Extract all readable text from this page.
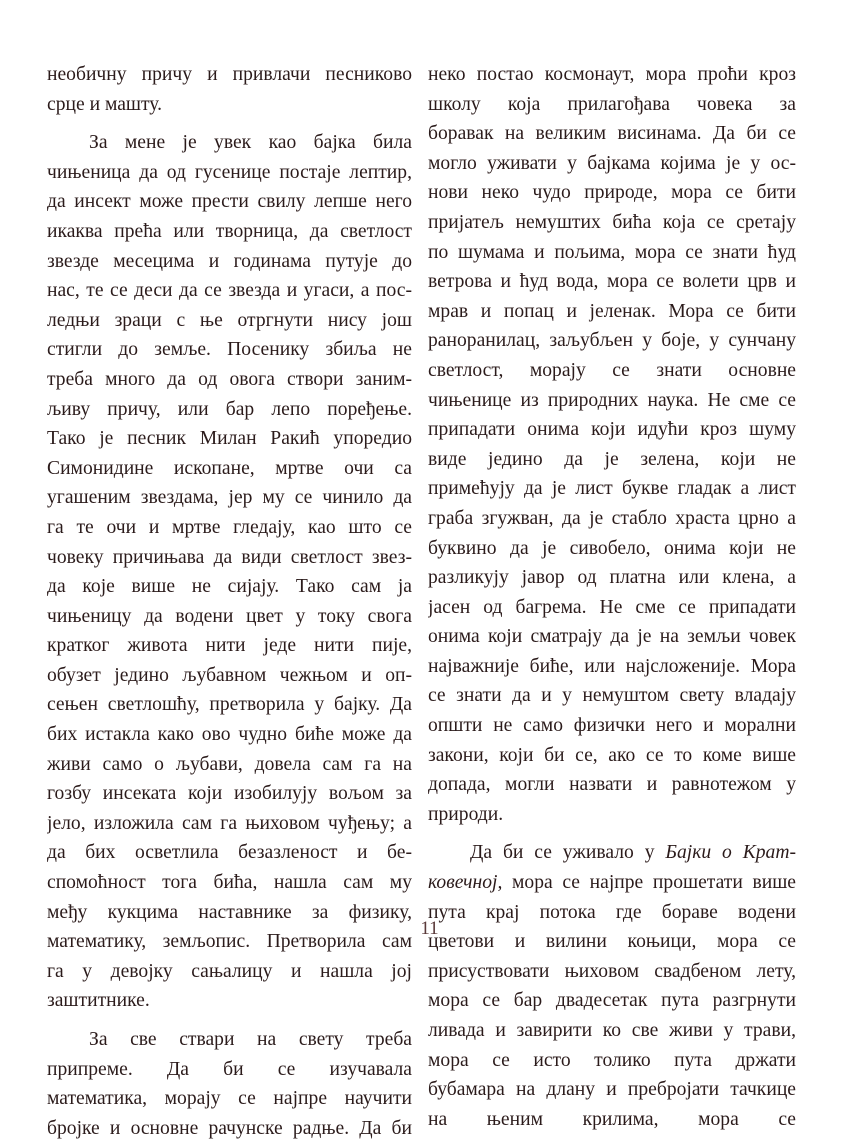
необичну причу и привлачи песниково
срце и машту.
За мене је увек као бајка била
чињеница да од гусенице постаје лептир,
да инсект може прести свилу лепше него
икаква прећа или творница, да светлост
звезде месецима и годинама путује до
нас, те се деси да се звезда и угаси, а пос-
ледњи зраци с ње отргнути нису још
стигли до земље. Посенику збиља не
треба много да од овога створи заним-
љиву причу, или бар лепо поређење.
Тако је песник Милан Ракић упоредио
Симонидине ископане, мртве очи са
угашеним звездама, јер му се чинило да
га те очи и мртве гледају, као што се
човеку причињава да види светлост звез-
да које више не сијају. Тако сам ја
чињеницу да водени цвет у току свога
кратког живота нити једе нити пије,
обузет једино љубавном чежњом и оп-
сењен светлошћу, претворила у бајку. Да
бих истакла како ово чудно биће може да
живи само о љубави, довела сам га на
гозбу инсеката који изобилују вољом за
јело, изложила сам га њиховом чуђењу; а
да бих осветлила безазленост и бе-
спомоћност тога бића, нашла сам му
међу кукцима наставнике за физику,
математику, земљопис. Претворила сам
га у девојку сањалицу и нашла јој
заштитнике.
За све ствари на свету треба
припреме. Да би се изучавала
математика, морају се најпре научити
бројке и основне рачунске радње. Да би
неко постао космонаут, мора проћи кроз
школу која прилагођава човека за
боравак на великим висинама. Да би се
могло уживати у бајкама којима је у ос-
нови неко чудо природе, мора се бити
пријатељ немуштих бића која се сретају
по шумама и пољима, мора се знати ћуд
ветрова и ћуд вода, мора се волети црв и
мрав и попац и јеленак. Мора се бити
раноранилац, заљубљен у боје, у сунчану
светлост, морају се знати основне
чињенице из природних наука. Не сме се
припадати онима који идући кроз шуму
виде једино да је зелена, који не
примећују да је лист букве гладак а лист
граба згужван, да је стабло храста црно а
буквино да је сивобело, онима који не
разликују јавор од платна или клена, а
јасен од багрема. Не сме се припадати
онима који сматрају да је на земљи човек
најважније биће, или најсложеније. Мора
се знати да и у немуштом свету владају
општи не само физички него и морални
закони, који би се, ако се то коме више
допада, могли назвати и равнотежом у
природи.
Да би се уживало у Бајки о Крат-
ковечној, мора се најпре прошетати више
пута крај потока где бораве водени
цветови и вилини коњици, мора се
присуствовати њиховом свадбеном лету,
мора се бар двадесетак пута разгрнути
ливада и завирити ко све живи у трави,
мора се исто толико пута држати
бубамара на длану и пребројати тачкице
на њеним крилима, мора се
11
